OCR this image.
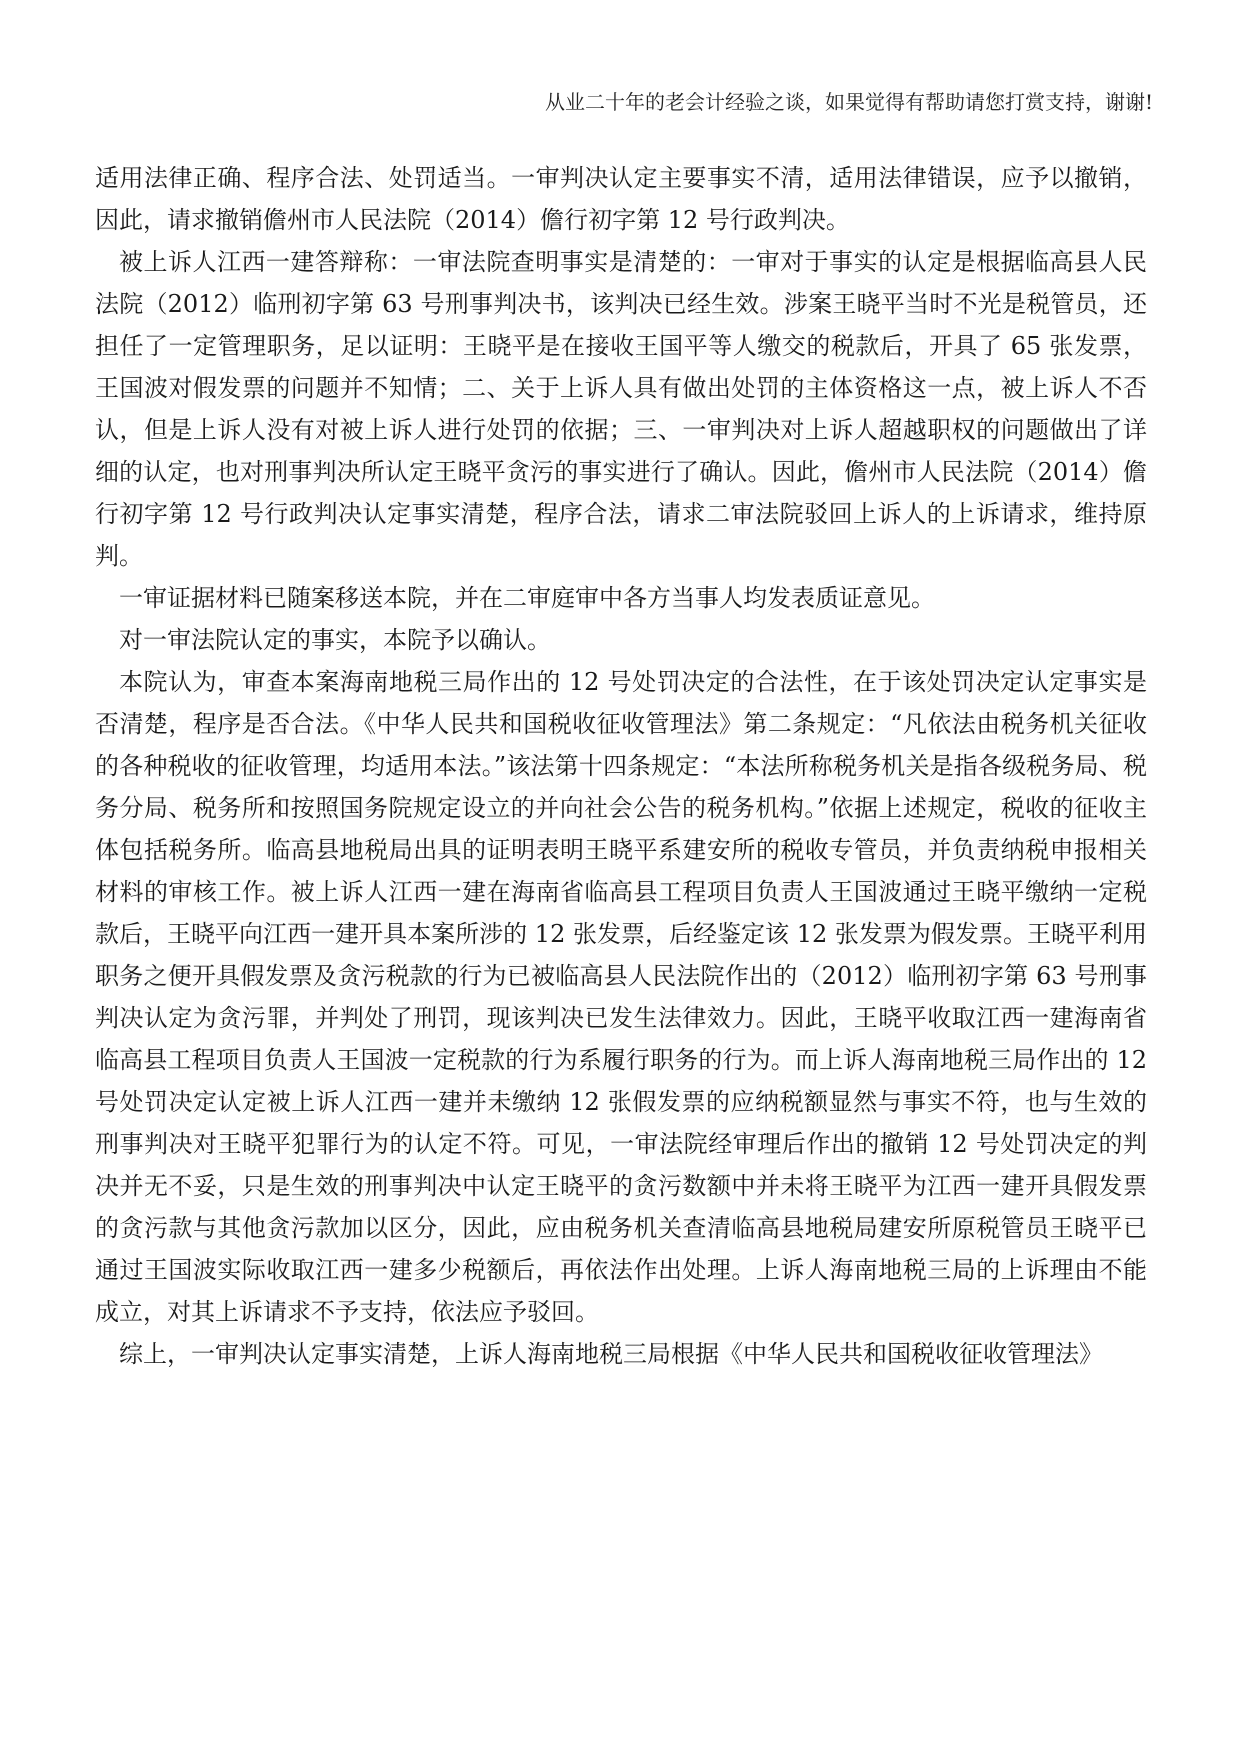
从业二十年的老会计经验之谈，如果觉得有帮助请您打赏支持，谢谢!

适用法律正确、程序合法、处罚适当。一审判决认定主要事实不清，适用法律错误，应予以撤销，因此，请求撤销儋州市人民法院（2014）儋行初字第 12 号行政判决。

被上诉人江西一建答辩称：一审法院查明事实是清楚的：一审对于事实的认定是根据临高县人民法院（2012）临刑初字第 63 号刑事判决书，该判决已经生效。涉案王晓平当时不光是税管员，还担任了一定管理职务，足以证明：王晓平是在接收王国平等人缴交的税款后，开具了 65 张发票，王国波对假发票的问题并不知情；二、关于上诉人具有做出处罚的主体资格这一点，被上诉人不否认，但是上诉人没有对被上诉人进行处罚的依据；三、一审判决对上诉人超越职权的问题做出了详细的认定，也对刑事判决所认定王晓平贪污的事实进行了确认。因此，儋州市人民法院（2014）儋行初字第 12 号行政判决认定事实清楚，程序合法，请求二审法院驳回上诉人的上诉请求，维持原判。

一审证据材料已随案移送本院，并在二审庭审中各方当事人均发表质证意见。

对一审法院认定的事实，本院予以确认。

本院认为，审查本案海南地税三局作出的 12 号处罚决定的合法性，在于该处罚决定认定事实是否清楚，程序是否合法。《中华人民共和国税收征收管理法》第二条规定：“凡依法由税务机关征收的各种税收的征收管理，均适用本法。”该法第十四条规定：“本法所称税务机关是指各级税务局、税务分局、税务所和按照国务院规定设立的并向社会公告的税务机构。”依据上述规定，税收的征收主体包括税务所。临高县地税局出具的证明表明王晓平系建安所的税收专管员，并负责纳税申报相关材料的审核工作。被上诉人江西一建在海南省临高县工程项目负责人王国波通过王晓平缴纳一定税款后，王晓平向江西一建开具本案所涉的 12 张发票，后经鉴定该 12 张发票为假发票。王晓平利用职务之便开具假发票及贪污税款的行为已被临高县人民法院作出的（2012）临刑初字第 63 号刑事判决认定为贪污罪，并判处了刑罚，现该判决已发生法律效力。因此，王晓平收取江西一建海南省临高县工程项目负责人王国波一定税款的行为系履行职务的行为。而上诉人海南地税三局作出的 12 号处罚决定认定被上诉人江西一建并未缴纳 12 张假发票的应纳税额显然与事实不符，也与生效的刑事判决对王晓平犯罪行为的认定不符。可见，一审法院经审理后作出的撤销 12 号处罚决定的判决并无不妥，只是生效的刑事判决中认定王晓平的贪污数额中并未将王晓平为江西一建开具假发票的贪污款与其他贪污款加以区分，因此，应由税务机关查清临高县地税局建安所原税管员王晓平已通过王国波实际收取江西一建多少税额后，再依法作出处理。上诉人海南地税三局的上诉理由不能成立，对其上诉请求不予支持，依法应予驳回。

综上，一审判决认定事实清楚，上诉人海南地税三局根据《中华人民共和国税收征收管理法》
